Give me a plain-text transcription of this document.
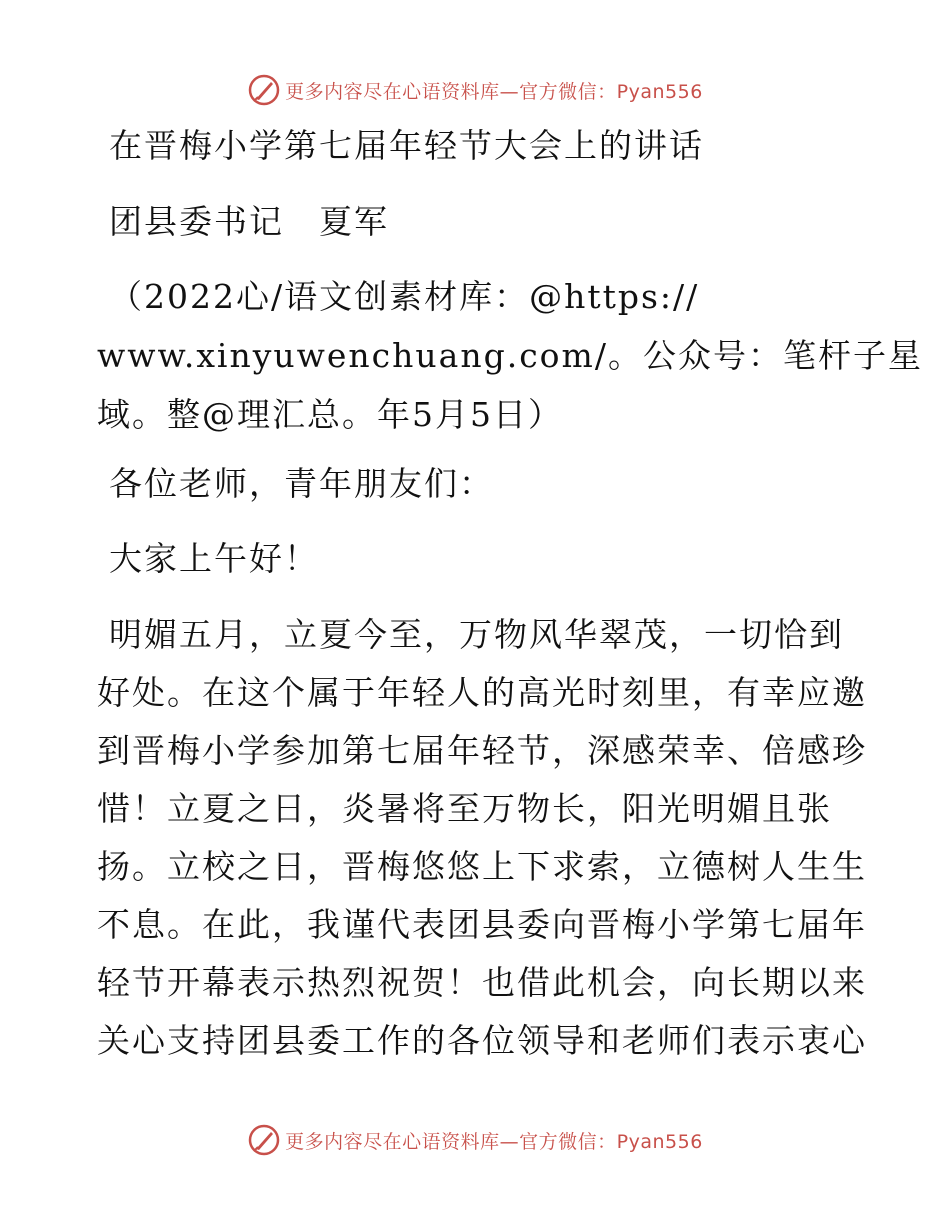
更多内容尽在心语资料库—官方微信：Pyan556
在晋梅小学第七届年轻节大会上的讲话
团县委书记　夏军
（2022心/语文创素材库：@https://
www.xinyuwenchuang.com/。公众号：笔杆子星
域。整@理汇总。年5月5日）
各位老师，青年朋友们：
大家上午好！
明媚五月，立夏今至，万物风华翠茂，一切恰到
好处。在这个属于年轻人的高光时刻里，有幸应邀
到晋梅小学参加第七届年轻节，深感荣幸、倍感珍
惜！立夏之日，炎暑将至万物长，阳光明媚且张
扬。立校之日，晋梅悠悠上下求索，立德树人生生
不息。在此，我谨代表团县委向晋梅小学第七届年
轻节开幕表示热烈祝贺！也借此机会，向长期以来
关心支持团县委工作的各位领导和老师们表示衷心
更多内容尽在心语资料库—官方微信：Pyan556
